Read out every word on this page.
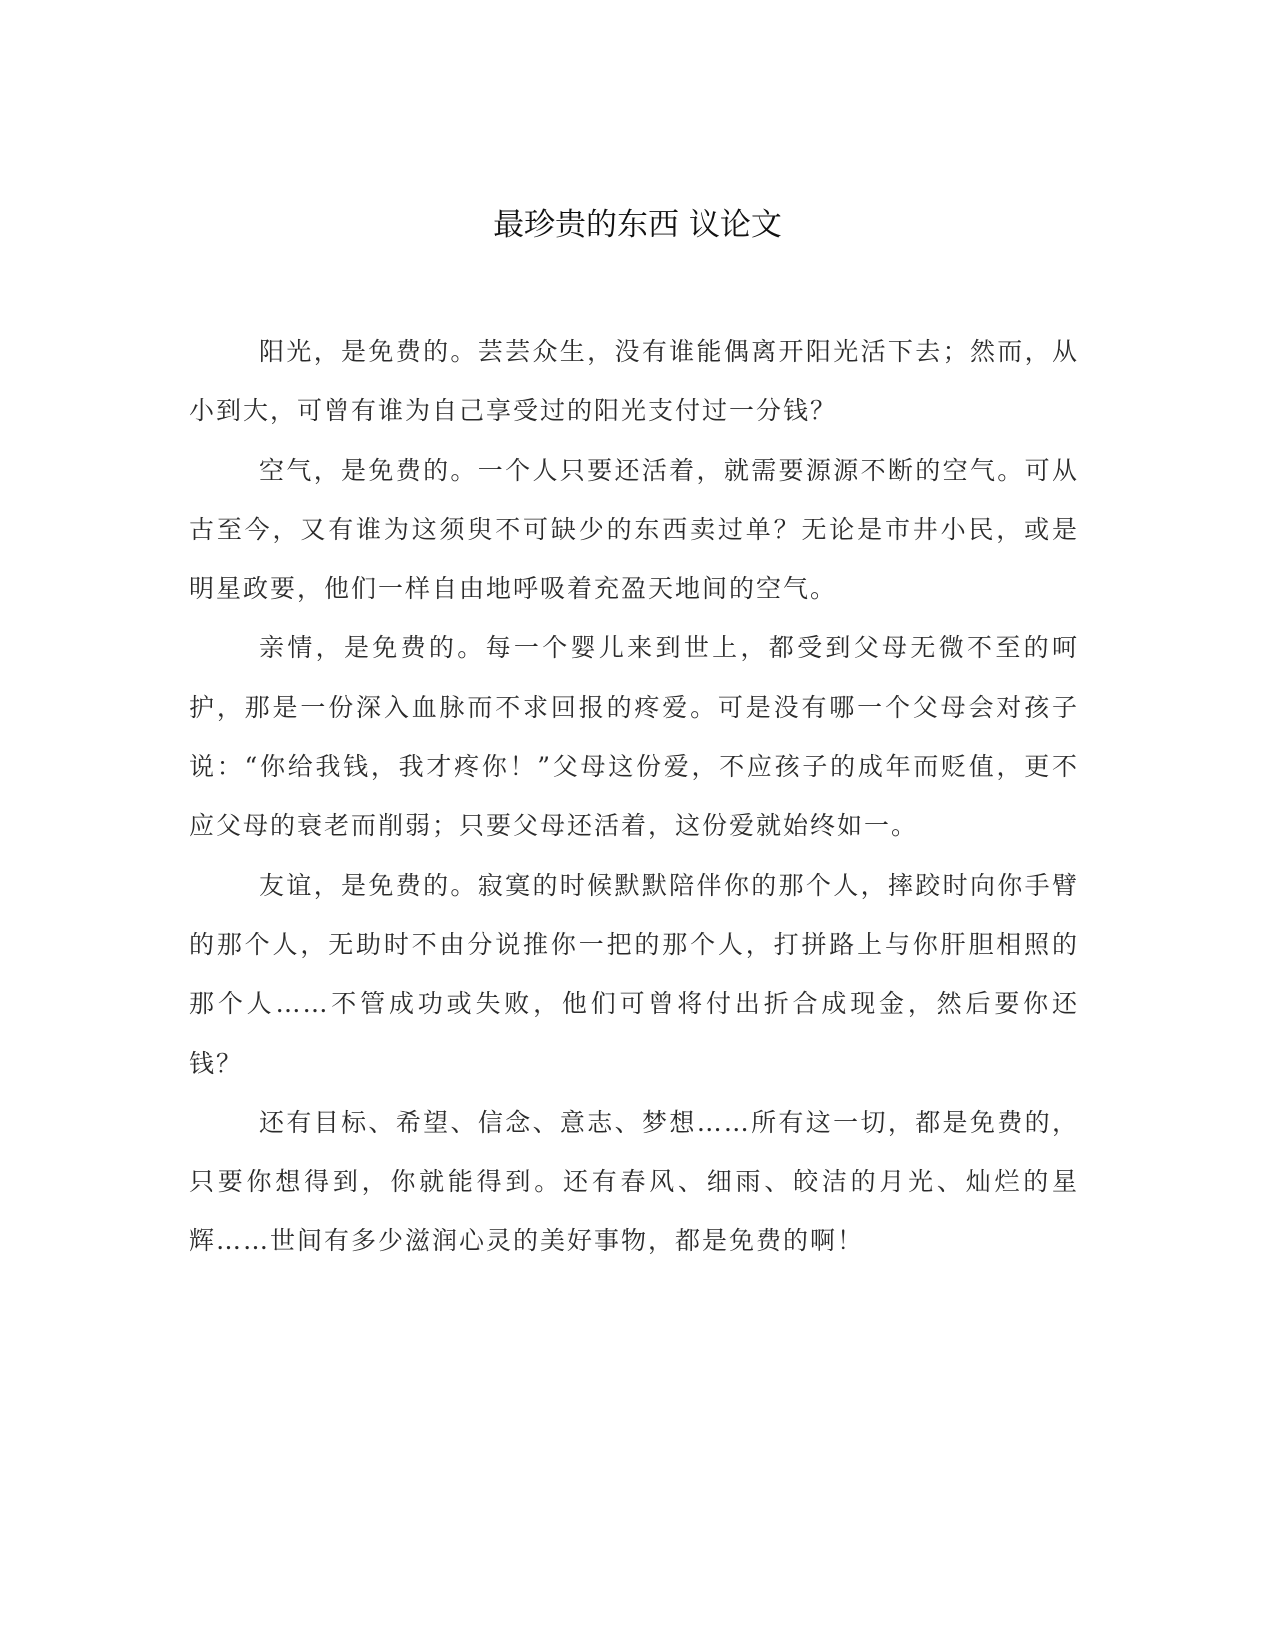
最珍贵的东西 议论文

阳光，是免费的。芸芸众生，没有谁能偶离开阳光活下去；然而，从小到大，可曾有谁为自己享受过的阳光支付过一分钱？

空气，是免费的。一个人只要还活着，就需要源源不断的空气。可从古至今，又有谁为这须臾不可缺少的东西卖过单？无论是市井小民，或是明星政要，他们一样自由地呼吸着充盈天地间的空气。

亲情，是免费的。每一个婴儿来到世上，都受到父母无微不至的呵护，那是一份深入血脉而不求回报的疼爱。可是没有哪一个父母会对孩子说：“你给我钱，我才疼你！”父母这份爱，不应孩子的成年而贬值，更不应父母的衰老而削弱；只要父母还活着，这份爱就始终如一。

友谊，是免费的。寂寞的时候默默陪伴你的那个人，摔跤时向你手臂的那个人，无助时不由分说推你一把的那个人，打拼路上与你肝胆相照的那个人……不管成功或失败，他们可曾将付出折合成现金，然后要你还钱？

还有目标、希望、信念、意志、梦想……所有这一切，都是免费的，只要你想得到，你就能得到。还有春风、细雨、皎洁的月光、灿烂的星辉……世间有多少滋润心灵的美好事物，都是免费的啊！
